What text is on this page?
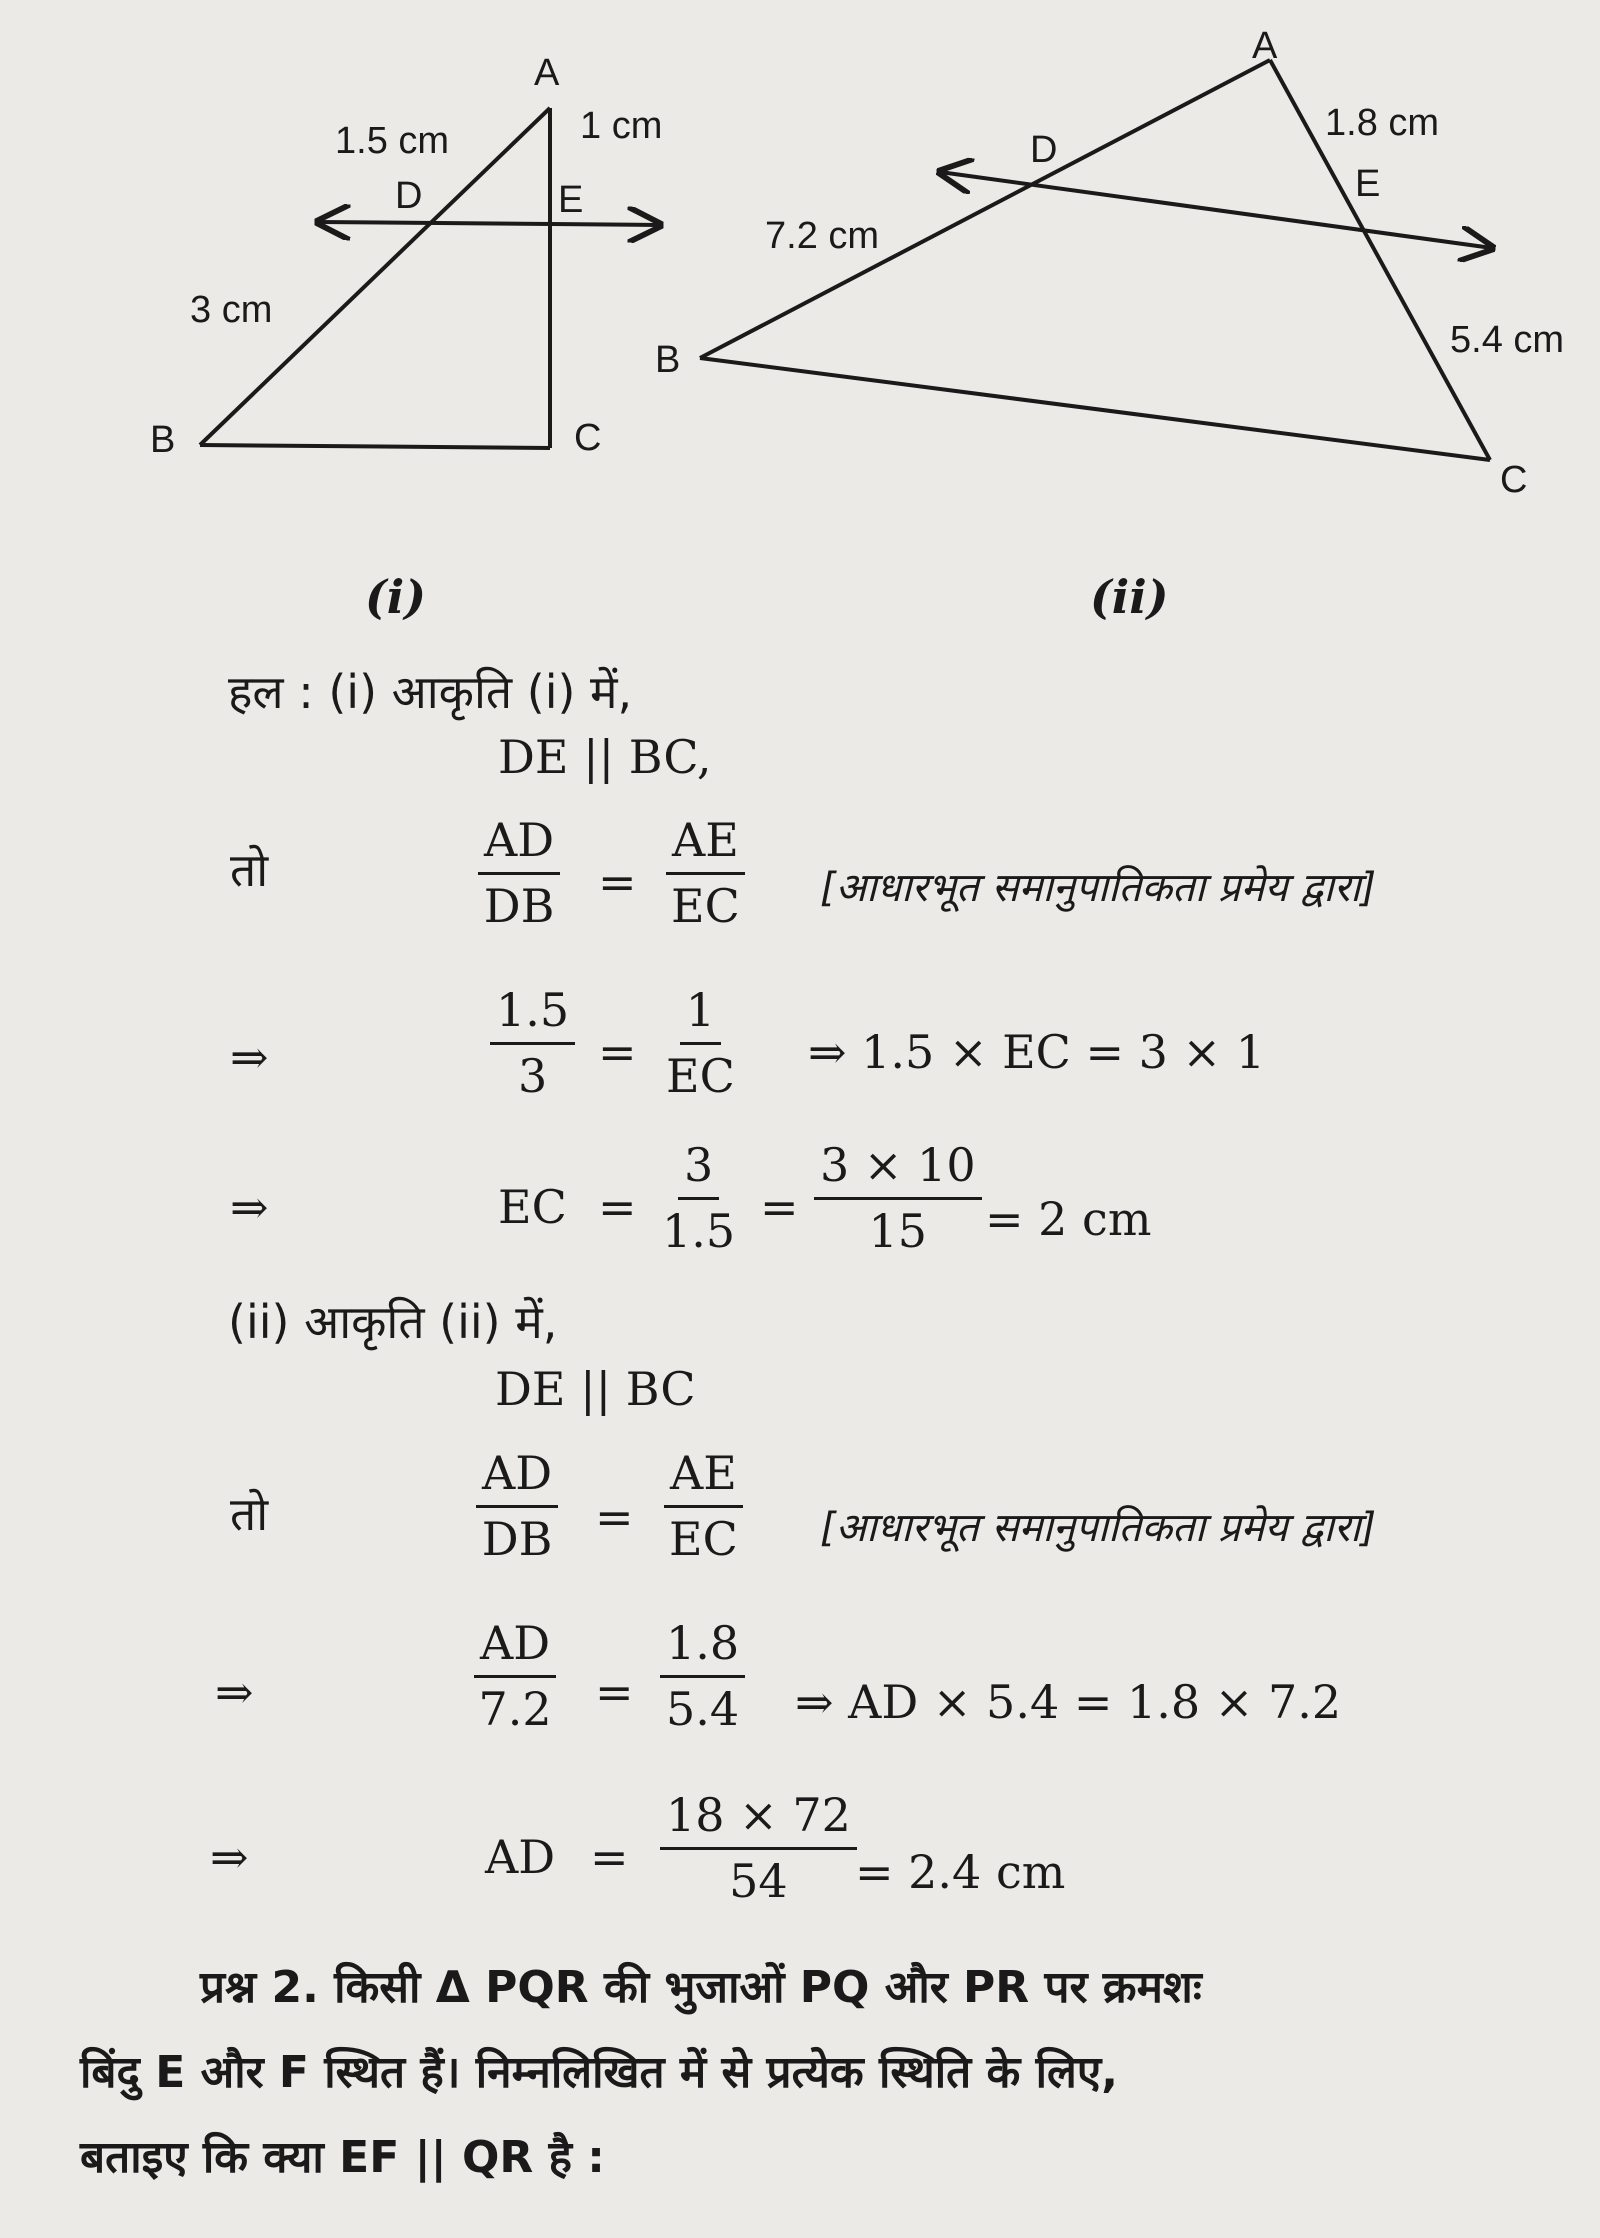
A
B	C
D	E
1.5 cm	1 cm
3 cm
A
B
C
D
E
1.8 cm
7.2 cm
5.4 cm
(i)	(ii)
हल : (i) आकृति (i) में,
DE || BC,
तो	$\frac{AD}{DB} = \frac{AE}{EC}$ [आधारभूत समानुपातिकता प्रमेय द्वारा]
⇒	$\frac{1.5}{3} = \frac{1}{EC}$ ⇒ 1.5 × EC = 3 × 1
⇒	EC = $\frac{3}{1.5} = \frac{3 \times 10}{15} = 2$ cm
(ii) आकृति (ii) में,
DE || BC
तो	$\frac{AD}{DB} = \frac{AE}{EC}$ [आधारभूत समानुपातिकता प्रमेय द्वारा]
⇒	$\frac{AD}{7.2} = \frac{1.8}{5.4}$ ⇒ AD × 5.4 = 1.8 × 7.2
⇒	AD = $\frac{18 \times 72}{54}$
= 2.4 cm
प्रश्न 2. किसी Δ PQR की भुजाओं PQ और PR पर क्रमशः
बिंदु E और F स्थित हैं। निम्नलिखित में से प्रत्येक स्थिति के लिए,
बताइए कि क्या EF || QR है :
